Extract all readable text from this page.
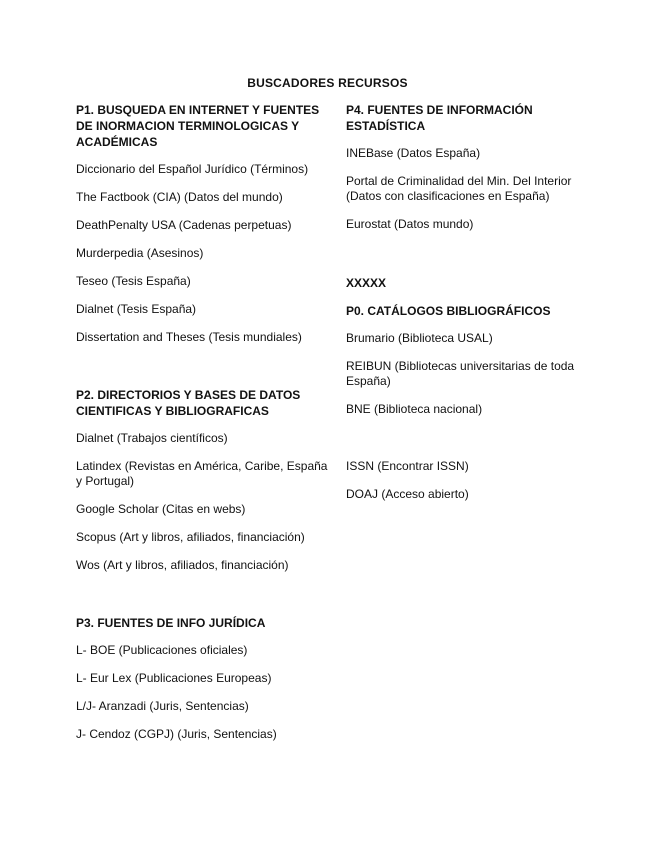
BUSCADORES RECURSOS
P1. BUSQUEDA EN INTERNET Y FUENTES DE INORMACION TERMINOLOGICAS Y ACADÉMICAS
Diccionario del Español Jurídico (Términos)
The Factbook (CIA) (Datos del mundo)
DeathPenalty USA (Cadenas perpetuas)
Murderpedia (Asesinos)
Teseo (Tesis España)
Dialnet (Tesis España)
Dissertation and Theses (Tesis mundiales)
P2. DIRECTORIOS Y BASES DE DATOS CIENTIFICAS Y BIBLIOGRAFICAS
Dialnet (Trabajos científicos)
Latindex (Revistas en América, Caribe, España y Portugal)
Google Scholar (Citas en webs)
Scopus (Art y libros, afiliados, financiación)
Wos (Art y libros, afiliados, financiación)
P3. FUENTES DE INFO JURÍDICA
L- BOE (Publicaciones oficiales)
L- Eur Lex (Publicaciones Europeas)
L/J- Aranzadi (Juris, Sentencias)
J- Cendoz (CGPJ) (Juris, Sentencias)
P4. FUENTES DE INFORMACIÓN ESTADÍSTICA
INEBase (Datos España)
Portal de Criminalidad del Min. Del Interior (Datos con clasificaciones en España)
Eurostat (Datos mundo)
XXXXX
P0. CATÁLOGOS BIBLIOGRÁFICOS
Brumario (Biblioteca USAL)
REIBUN (Bibliotecas universitarias de toda España)
BNE (Biblioteca nacional)
ISSN (Encontrar ISSN)
DOAJ (Acceso abierto)
